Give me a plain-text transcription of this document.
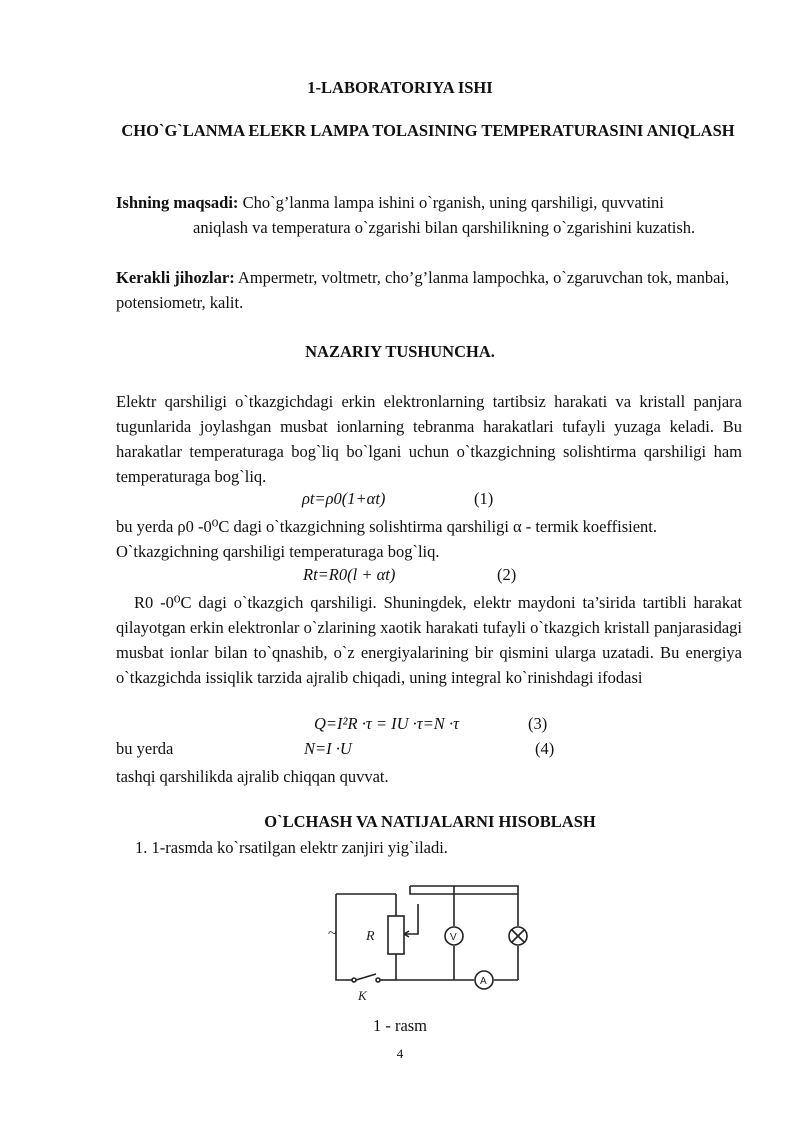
1-LABORATORIYA ISHI
CHO`G`LANMA ELEKR LAMPA TOLASINING TEMPERATURASINI ANIQLASH
Ishning maqsadi: Cho`g’lanma lampa ishini o`rganish, uning qarshiligi, quvvatini
aniqlash va temperatura o`zgarishi bilan qarshilikning o`zgarishini kuzatish.
Kerakli jihozlar: Ampermetr, voltmetr, cho’g’lanma lampochka, o`zgaruvchan tok, manbai, potensiometr, kalit.
NAZARIY TUSHUNCHA.
Elektr qarshiligi o`tkazgichdagi erkin elektronlarning tartibsiz harakati va kristall panjara tugunlarida joylashgan musbat ionlarning tebranma harakatlari tufayli yuzaga keladi. Bu harakatlar temperaturaga bog`liq bo`lgani uchun o`tkazgichning solishtirma qarshiligi ham temperaturaga bog`liq.
ρt=ρ0(1+αt)	(1)
bu yerda ρ0 -0⁰C dagi o`tkazgichning solishtirma qarshiligi α - termik koeffisient.
O`tkazgichning qarshiligi temperaturaga bog`liq.
Rt=R0(l + αt)	(2)
R0 -0⁰C dagi o`tkazgich qarshiligi. Shuningdek, elektr maydoni ta’sirida tartibli harakat qilayotgan erkin elektronlar o`zlarining xaotik harakati tufayli o`tkazgich kristall panjarasidagi musbat ionlar bilan to`qnashib, o`z energiyalarining bir qismini ularga uzatadi. Bu energiya o`tkazgichda issiqlik tarzida ajralib chiqadi, uning integral ko`rinishdagi ifodasi
Q=I²R ·τ = IU ·τ=N ·τ	(3)
bu yerda	N=I ·U	(4)
tashqi qarshilikda ajralib chiqqan quvvat.
O`LCHASH VA NATIJALARNI HISOBLASH
1. 1-rasmda ko`rsatilgan elektr zanjiri yig`iladi.
~ R	V
A
K
1 - rasm
4
